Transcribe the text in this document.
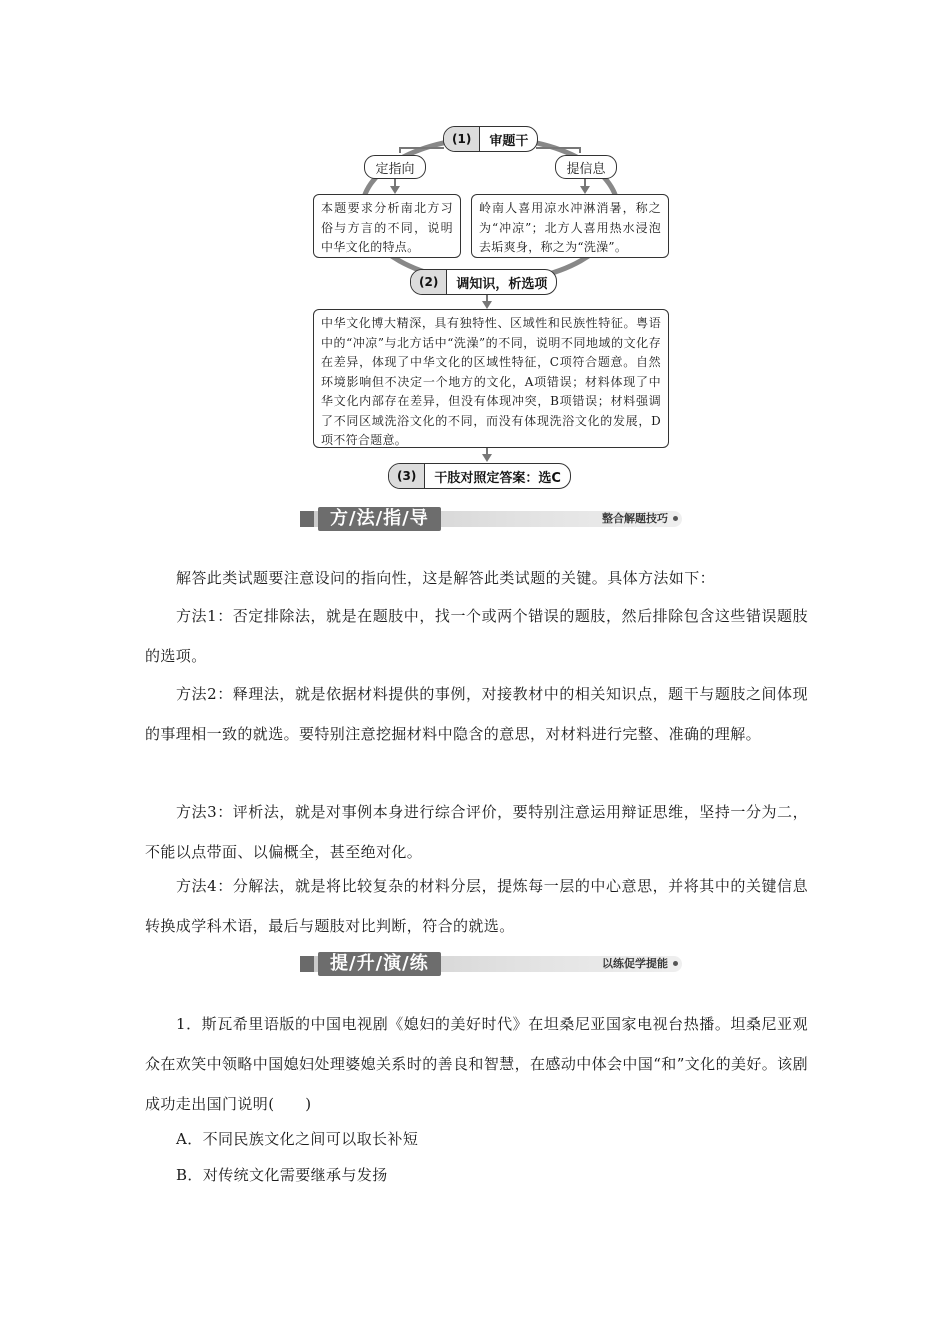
(1)	审题干
定指向	提信息
本题要求分析南北方习俗与方言的不同，说明中华文化的特点。
岭南人喜用凉水冲淋消暑，称之为“冲凉”；北方人喜用热水浸泡去垢爽身，称之为“洗澡”。
(2)	调知识，析选项
中华文化博大精深，具有独特性、区域性和民族性特征。粤语中的“冲凉”与北方话中“洗澡”的不同，说明不同地域的文化存在差异，体现了中华文化的区域性特征，C项符合题意。自然环境影响但不决定一个地方的文化，A项错误；材料体现了中华文化内部存在差异，但没有体现冲突，B项错误；材料强调了不同区域洗浴文化的不同，而没有体现洗浴文化的发展，D项不符合题意。
(3)	干肢对照定答案：选C
方/法/指/导	整合解题技巧
解答此类试题要注意设问的指向性，这是解答此类试题的关键。具体方法如下：
方法1：否定排除法，就是在题肢中，找一个或两个错误的题肢，然后排除包含这些错误题肢的选项。
方法2：释理法，就是依据材料提供的事例，对接教材中的相关知识点，题干与题肢之间体现的事理相一致的就选。要特别注意挖掘材料中隐含的意思，对材料进行完整、准确的理解。
方法3：评析法，就是对事例本身进行综合评价，要特别注意运用辩证思维，坚持一分为二，不能以点带面、以偏概全，甚至绝对化。
方法4：分解法，就是将比较复杂的材料分层，提炼每一层的中心意思，并将其中的关键信息转换成学科术语，最后与题肢对比判断，符合的就选。
提/升/演/练	以练促学提能
1．斯瓦希里语版的中国电视剧《媳妇的美好时代》在坦桑尼亚国家电视台热播。坦桑尼亚观众在欢笑中领略中国媳妇处理婆媳关系时的善良和智慧，在感动中体会中国“和”文化的美好。该剧成功走出国门说明(　　)
A．不同民族文化之间可以取长补短
B．对传统文化需要继承与发扬
